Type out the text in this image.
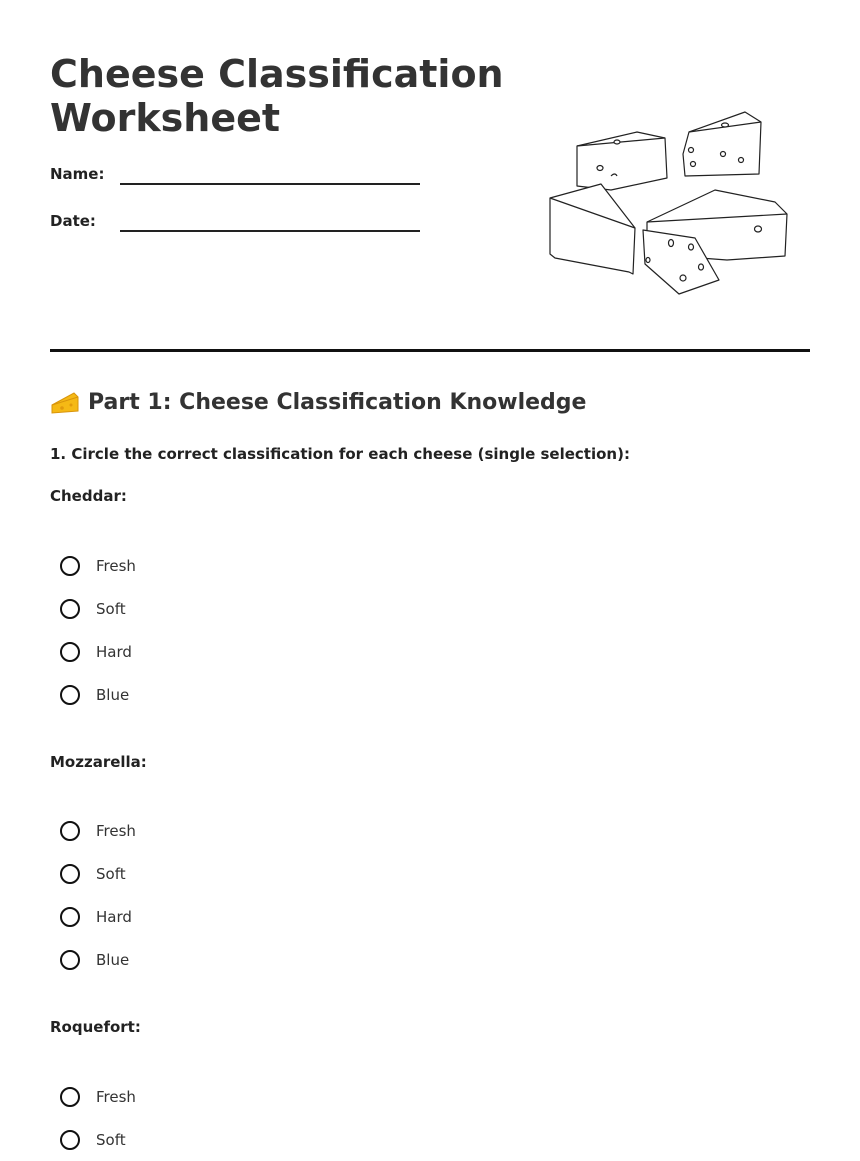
Cheese Classification Worksheet
Name:
Date:
Part 1: Cheese Classification Knowledge
1. Circle the correct classification for each cheese (single selection):
Cheddar:
Fresh
Soft
Hard
Blue
Mozzarella:
Fresh
Soft
Hard
Blue
Roquefort:
Fresh
Soft
